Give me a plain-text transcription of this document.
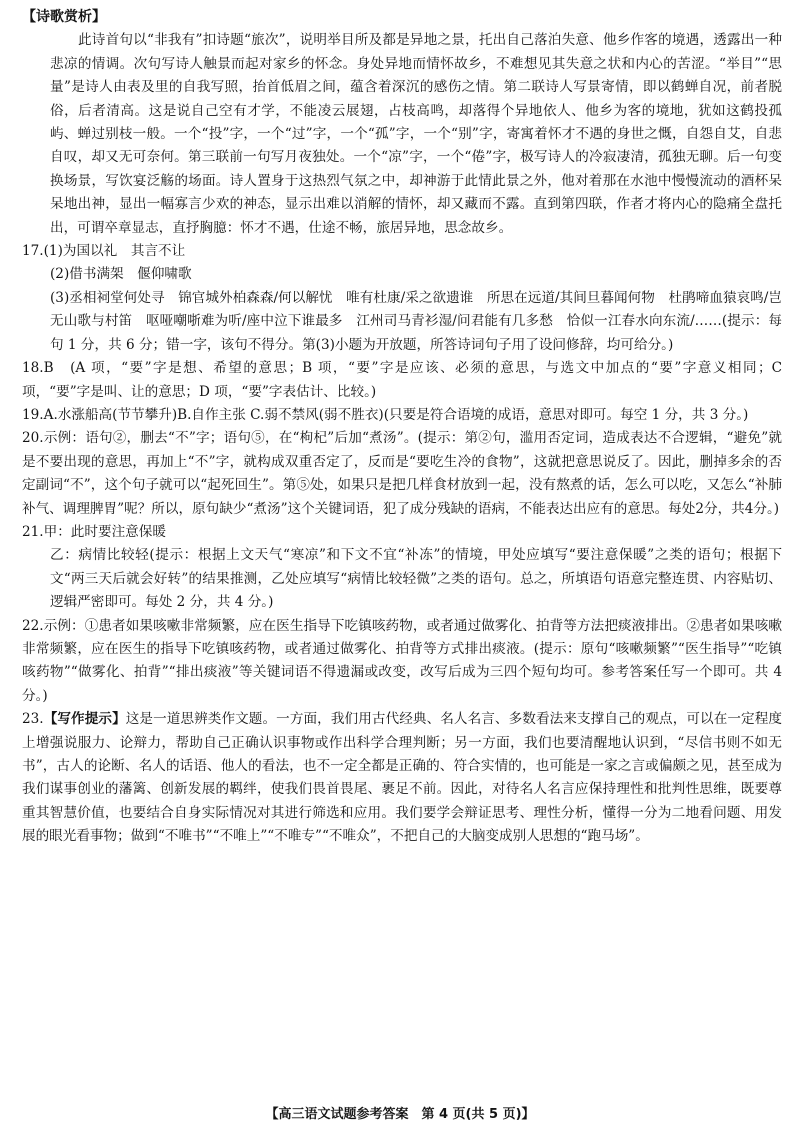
【诗歌赏析】

此诗首句以“非我有”扣诗题“旅次”，说明举目所及都是异地之景，托出自己落泊失意、他乡作客的境遇，透露出一种悲凉的情调。次句写诗人触景而起对家乡的怀念。身处异地而情怀故乡，不难想见其失意之状和内心的苦涩。“举目”“思量”是诗人由表及里的自我写照，抬首低眉之间，蕴含着深沉的感伤之情。第二联诗人写景寄情，即以鹤蝉自况，前者脱俗，后者清高。这是说自己空有才学，不能凌云展翅，占枝高鸣，却落得个异地依人、他乡为客的境地，犹如这鹤投孤屿、蝉过别枝一般。一个“投”字，一个“过”字，一个“孤”字，一个“别”字，寄寓着怀才不遇的身世之慨，自怨自艾，自悲自叹，却又无可奈何。第三联前一句写月夜独处。一个“凉”字，一个“倦”字，极写诗人的冷寂凄清，孤独无聊。后一句变换场景，写饮宴泛觞的场面。诗人置身于这热烈气氛之中，却神游于此情此景之外，他对着那在水池中慢慢流动的酒杯呆呆地出神，显出一幅寡言少欢的神态，显示出难以消解的情怀，却又藏而不露。直到第四联，作者才将内心的隐痛全盘托出，可谓卒章显志，直抒胸臆：怀才不遇，仕途不畅，旅居异地，思念故乡。

17.(1)为国以礼　其言不让

(2)借书满架　偃仰啸歌

(3)丞相祠堂何处寻　锦官城外柏森森/何以解忧　唯有杜康/采之欲遗谁　所思在远道/其间旦暮闻何物　杜鹃啼血猿哀鸣/岂无山歌与村笛　呕哑嘲哳难为听/座中泣下谁最多　江州司马青衫湿/问君能有几多愁　恰似一江春水向东流/……(提示：每句 1 分，共 6 分；错一字，该句不得分。第(3)小题为开放题，所答诗词句子用了设问修辞，均可给分。)

18.B　(A 项，“要”字是想、希望的意思；B 项，“要”字是应该、必须的意思，与选文中加点的“要”字意义相同；C 项，“要”字是叫、让的意思；D 项，“要”字表估计、比较。)

19.A.水涨船高(节节攀升)B.自作主张 C.弱不禁风(弱不胜衣)(只要是符合语境的成语，意思对即可。每空 1 分，共 3 分。)

20.示例：语句②，删去“不”字；语句⑤，在“枸杞”后加“煮汤”。(提示：第②句，滥用否定词，造成表达不合逻辑，“避免”就是不要出现的意思，再加上“不”字，就构成双重否定了，反而是“要吃生冷的食物”，这就把意思说反了。因此，删掉多余的否定副词“不”，这个句子就可以“起死回生”。第⑤处，如果只是把几样食材放到一起，没有熬煮的话，怎么可以吃，又怎么“补肺补气、调理脾胃”呢？所以，原句缺少“煮汤”这个关键词语，犯了成分残缺的语病，不能表达出应有的意思。每处2分，共4分。)

21.甲：此时要注意保暖

乙：病情比较轻(提示：根据上文天气“寒凉”和下文不宜“补冻”的情境，甲处应填写“要注意保暖”之类的语句；根据下文“两三天后就会好转”的结果推测，乙处应填写“病情比较轻微”之类的语句。总之，所填语句语意完整连贯、内容贴切、逻辑严密即可。每处 2 分，共 4 分。)

22.示例：①患者如果咳嗽非常频繁，应在医生指导下吃镇咳药物，或者通过做雾化、拍背等方法把痰液排出。②患者如果咳嗽非常频繁，应在医生的指导下吃镇咳药物，或者通过做雾化、拍背等方式排出痰液。(提示：原句“咳嗽频繁”“医生指导”“吃镇咳药物”“做雾化、拍背”“排出痰液”等关键词语不得遗漏或改变，改写后成为三四个短句均可。参考答案任写一个即可。共 4 分。)

23.【写作提示】这是一道思辨类作文题。一方面，我们用古代经典、名人名言、多数看法来支撑自己的观点，可以在一定程度上增强说服力、论辩力，帮助自己正确认识事物或作出科学合理判断；另一方面，我们也要清醒地认识到，“尽信书则不如无书”，古人的论断、名人的话语、他人的看法，也不一定全都是正确的、符合实情的，也可能是一家之言或偏颇之见，甚至成为我们谋事创业的藩篱、创新发展的羁绊，使我们畏首畏尾、裹足不前。因此，对待名人名言应保持理性和批判性思维，既要尊重其智慧价值，也要结合自身实际情况对其进行筛选和应用。我们要学会辩证思考、理性分析，懂得一分为二地看问题、用发展的眼光看事物；做到“不唯书”“不唯上”“不唯专”“不唯众”，不把自己的大脑变成别人思想的“跑马场”。

【高三语文试题参考答案　第 4 页(共 5 页)】
